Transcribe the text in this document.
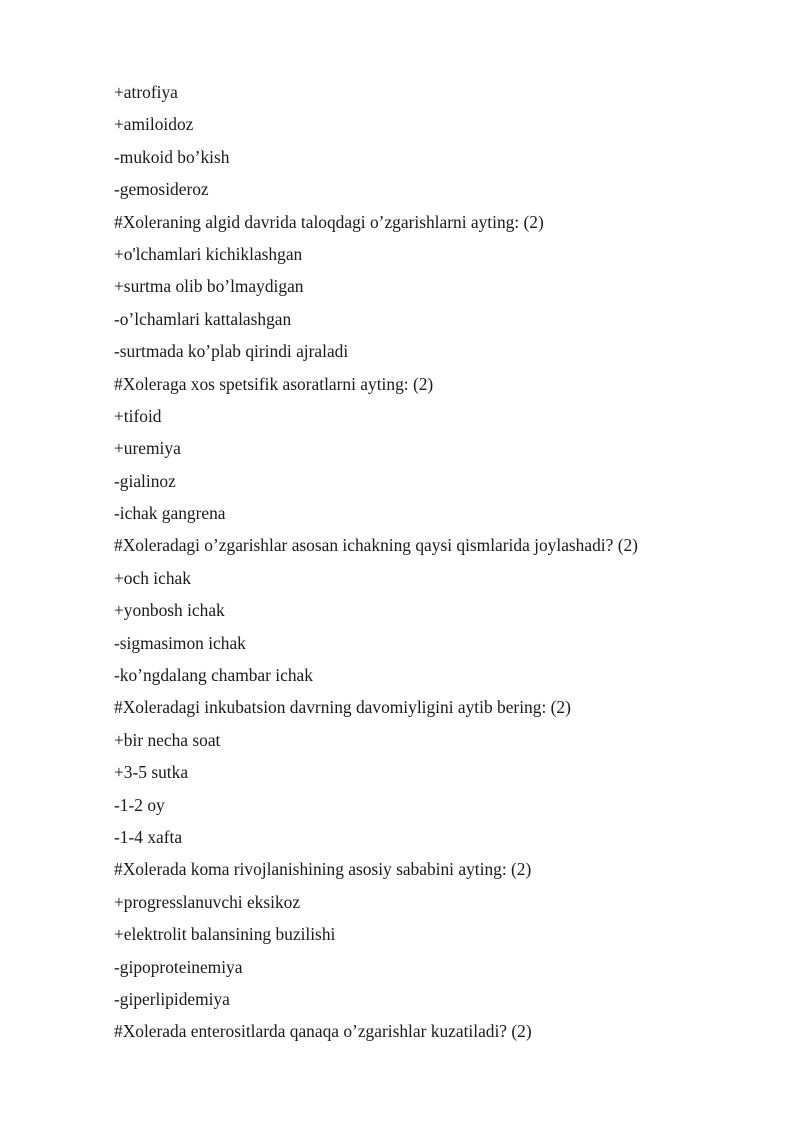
+atrofiya
+amiloidoz
-mukoid bo’kish
-gemosideroz
#Xoleraning algid davrida taloqdagi o’zgarishlarni ayting: (2)
+o'lchamlari kichiklashgan
+surtma olib bo’lmaydigan
-o’lchamlari kattalashgan
-surtmada ko’plab qirindi ajraladi
#Xoleraga xos spetsifik asoratlarni ayting: (2)
+tifoid
+uremiya
-gialinoz
-ichak gangrena
#Xoleradagi o’zgarishlar asosan ichakning qaysi qismlarida joylashadi? (2)
+och ichak
+yonbosh ichak
-sigmasimon ichak
-ko’ngdalang chambar ichak
#Xoleradagi inkubatsion davrning davomiyligini aytib bering: (2)
+bir necha soat
+3-5 sutka
-1-2 oy
-1-4 xafta
#Xolerada koma rivojlanishining asosiy sababini ayting: (2)
+progresslanuvchi eksikoz
+elektrolit balansining buzilishi
-gipoproteinemiya
-giperlipidemiya
#Xolerada enterositlarda qanaqa o’zgarishlar kuzatiladi? (2)
